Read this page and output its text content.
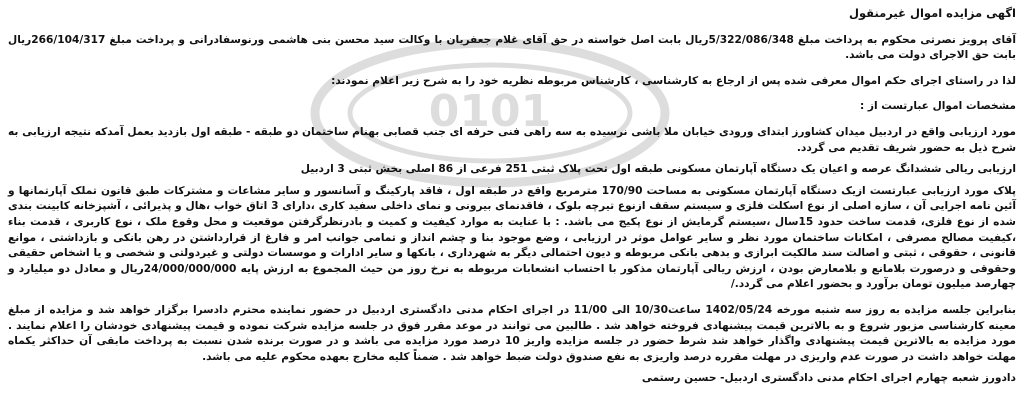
0101

اگهی مزایده اموال غیرمنقول

آقای پرویز نصرتی محکوم به پرداخت مبلغ 5/322/086/348ریال بابت اصل خواسته در حق آقای غلام جعفریان با وکالت سید محسن بنی هاشمی ورنوسفادرانی و پرداخت مبلغ 266/104/317ریال بابت حق الاجرای دولت می باشد.

لذا در راستای اجرای حکم اموال معرفی شده پس از ارجاع به کارشناسی ، کارشناس مربوطه نظریه خود را به شرح زیر اعلام نمودند:

مشخصات اموال عبارتست از :

مورد ارزیابی واقع در اردبیل میدان کشاورز ابتدای ورودی خیابان ملا باشی نرسیده به سه راهی فنی حرفه ای جنب قصابی بهنام ساختمان دو طبقه - طبقه اول بازدید بعمل آمدکه نتیجه ارزیابی به شرح ذیل به حضور شریف تقدیم می گردد.

ارزیابی ریالی ششدانگ عرصه و اعیان یک دستگاه آپارتمان مسکونی طبقه اول تحت پلاک ثبتی 251 فرعی از 86 اصلی بخش ثبتی 3 اردبیل

پلاک مورد ارزیابی عبارتست ازیک دستگاه آپارتمان مسکونی به مساحت 170/90 مترمربع واقع در طبقه اول ، فاقد پارکینگ و آسانسور و سایر مشاعات و مشترکات طبق قانون تملک آپارتمانها و آئین نامه اجرایی آن ، سازه اصلی از نوع اسکلت فلزی و سیستم سقف ازنوع تیرچه بلوک ، فاقدنمای بیرونی و نمای داخلی سفید کاری ،دارای 3 اتاق خواب ،هال و پذیرائی ، آشپزخانه کابینت بندی شده از نوع فلزی، قدمت ساخت حدود 15سال ،سیستم گرمایش از نوع پکیج می باشد. : با عنایت به موارد کیفیت و کمیت و بادرنظرگرفتن موقعیت و محل وقوع ملک ، نوع کاربری ، قدمت بناء ،کیفیت مصالح مصرفی ، امکانات ساختمان مورد نظر و سایر عوامل موثر در ارزیابی ، وضع موجود بنا و چشم انداز و تمامی جوانب امر و فارغ از قرارداشتن در رهن بانکی و بازداشتی ، موانع قانونی ، حقوقی ، ثبتی و اصالت سند مالکیت ابرازی و بدهی بانکی مربوطه و دیون احتمالی دیگر به شهرداری ، بانکها و سایر ادارات و موسسات دولتی و غیردولتی و شخصی و یا اشخاص حقیقی وحقوقی و درصورت بلامانع و بلامعارض بودن ، ارزش ریالی آپارتمان مذکور با احتساب انشعابات مربوطه به نرخ روز من حیث المجموع به ارزش پایه 24/000/000/000ریال و معادل دو میلیارد و چهارصد میلیون تومان برآورد و بحضور اعلام می گردد./

بنابراین جلسه مزایده به روز سه شنبه مورخه 1402/05/24 ساعت10/30 الی 11/00 در اجرای احکام مدنی دادگستری اردبیل در حضور نماینده محترم دادسرا برگزار خواهد شد و مزایده از مبلغ معینه کارشناسی مزبور شروع و به بالاترین قیمت پیشنهادی فروخته خواهد شد . طالبین می توانند در موعد مقرر فوق در جلسه مزایده شرکت نموده و قیمت پیشنهادی خودشان را اعلام نمایند . مورد مزایده به بالاترین قیمت پیشنهادی واگذار خواهد شد شرط حضور در جلسه مزایده واریز 10 درصد مورد مزایده می باشد و در صورت برنده شدن نسبت به پرداخت مابقی آن حداکثر یکماه مهلت خواهد داشت در صورت عدم واریزی در مهلت مقرره درصد واریزی به نفع صندوق دولت ضبط خواهد شد . ضمناً کلیه مخارج بعهده محکوم علیه می باشد.

دادورز شعبه چهارم اجرای احکام مدنی دادگستری اردبیل- حسین رستمی
